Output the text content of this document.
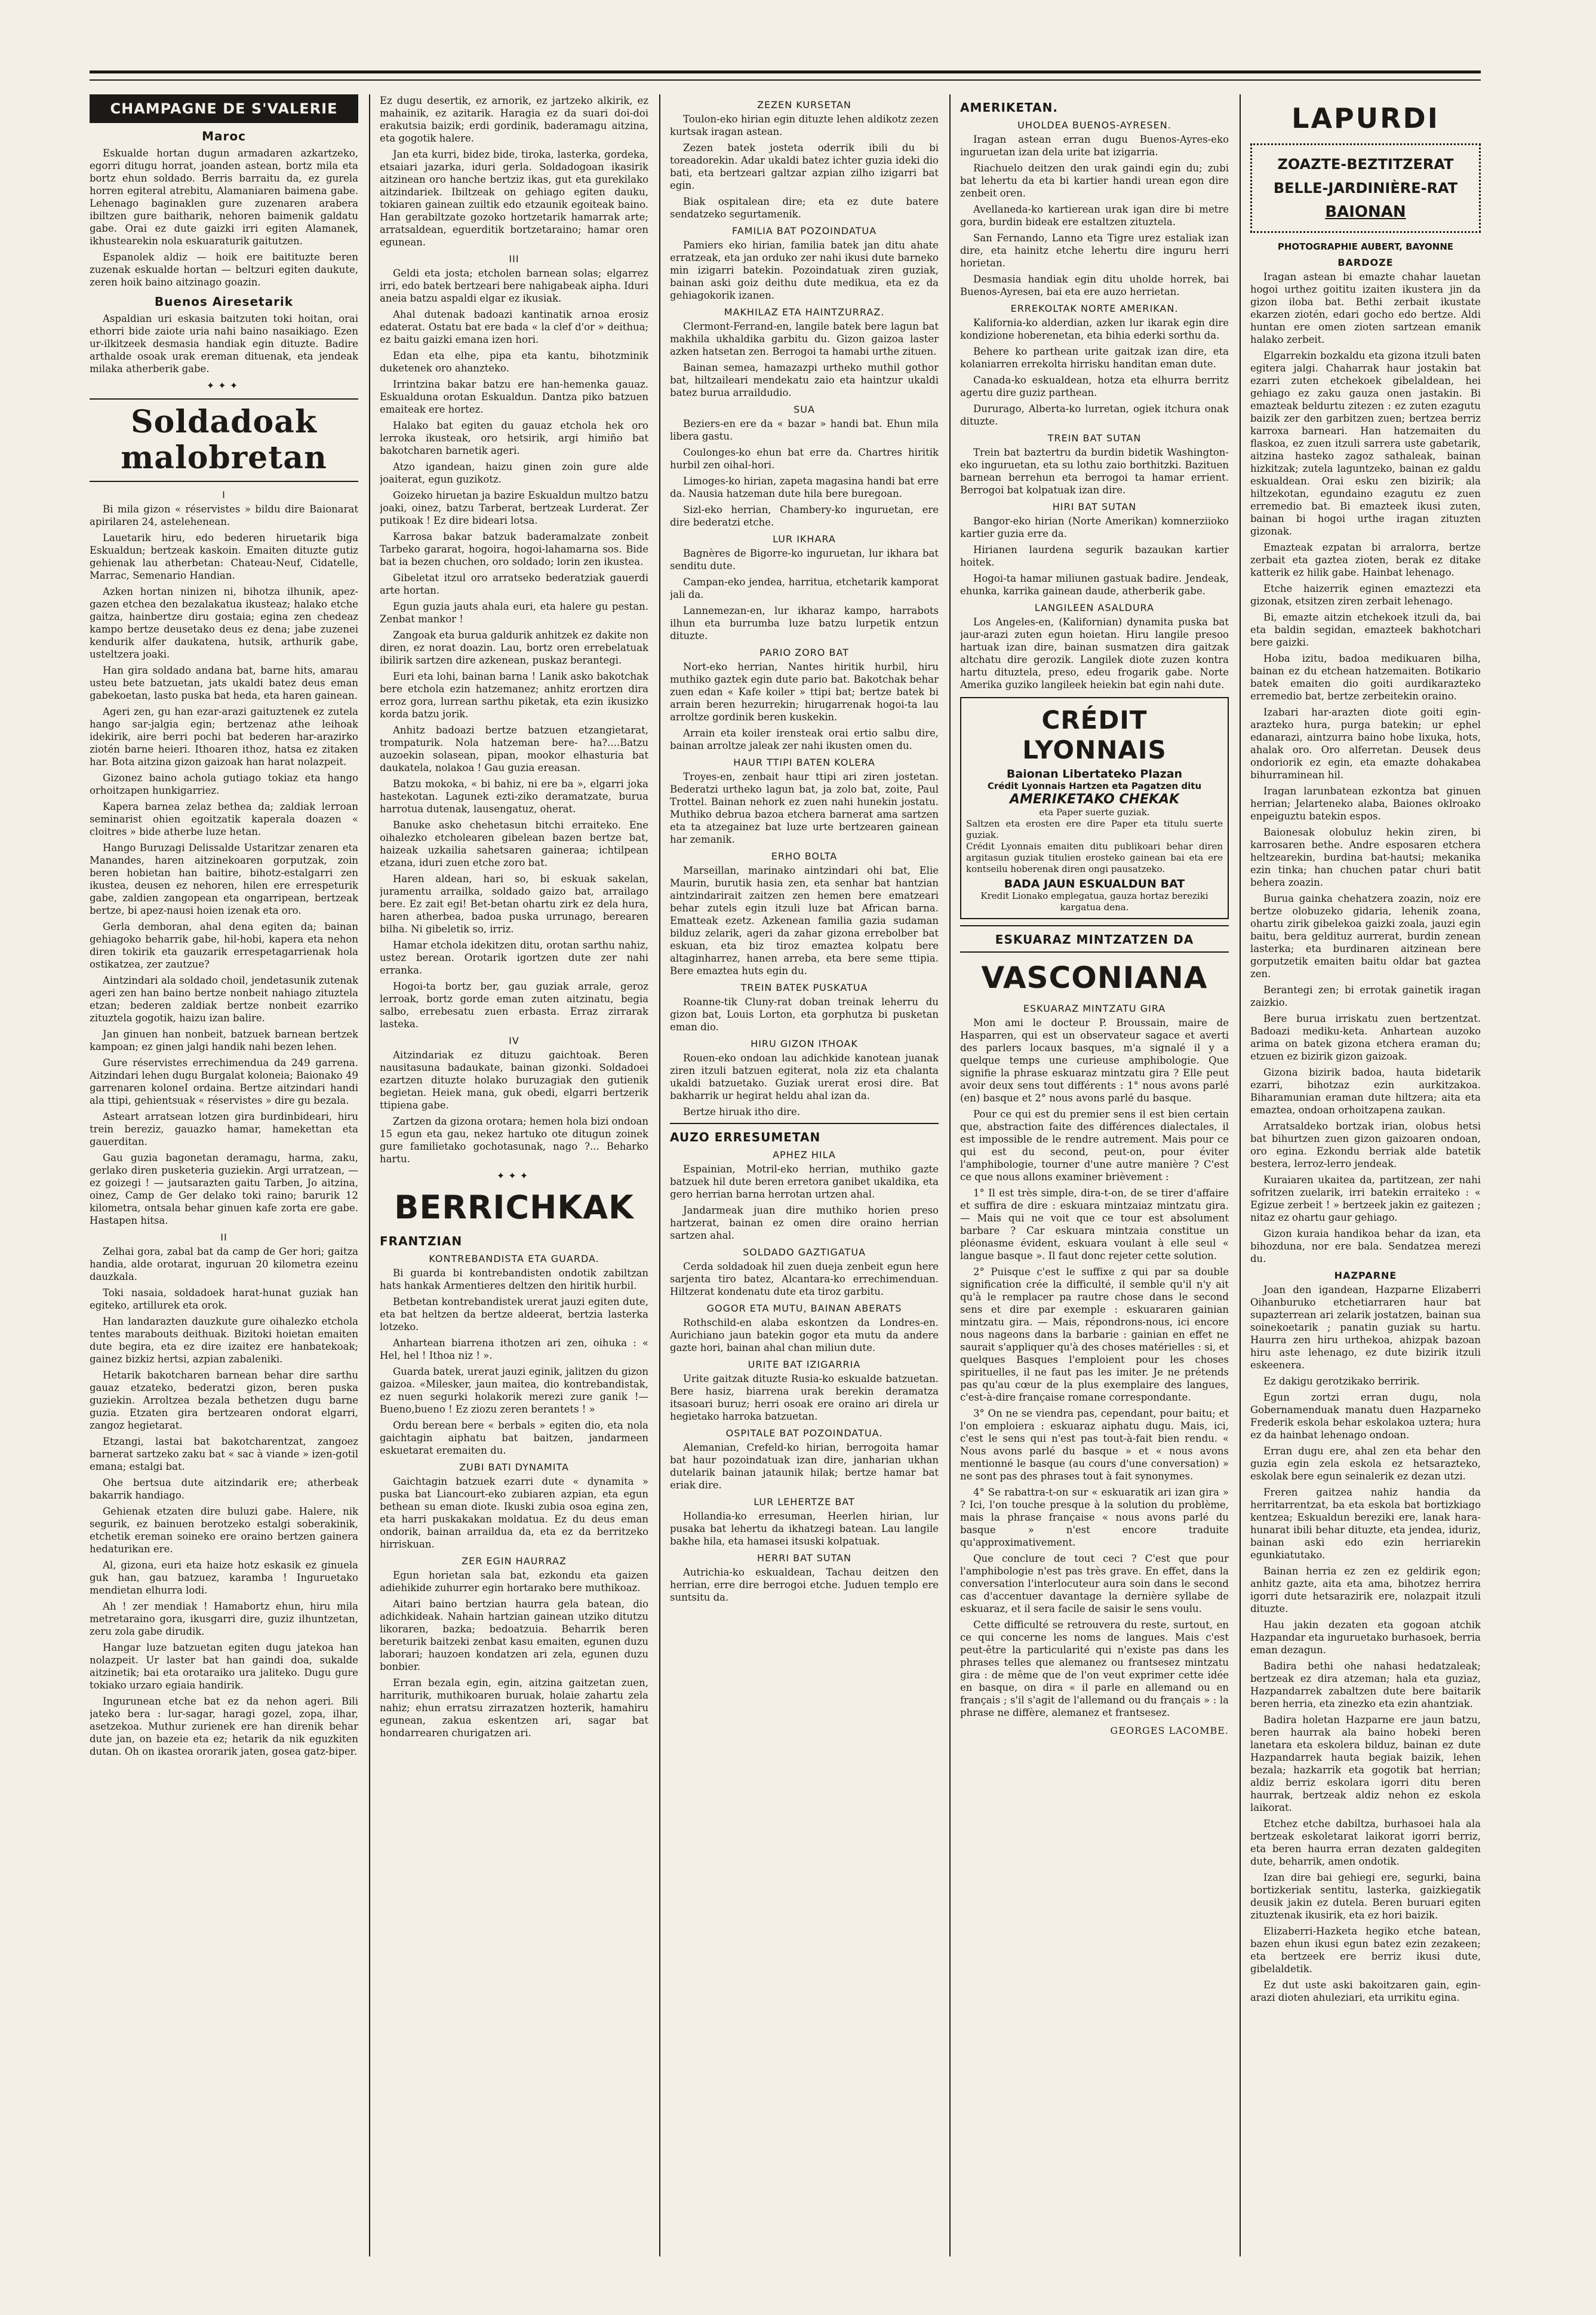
CHAMPAGNE DE S'VALERIE
Maroc

Eskualde hortan dugun armadaren azkartzeko, egorri ditugu horrat, joanden astean, bortz mila eta bortz ehun soldado. Berris barraitu da, ez gurela horren egiteral atrebitu, Alamaniaren baimena gabe. Lehenago baginaklen gure zuzenaren arabera ibiltzen gure baitharik, nehoren baimenik galdatu gabe. Orai ez dute gaizki irri egiten Alamanek, ikhustearekin nola eskuaraturik gaitutzen.

Espanolek aldiz — hoik ere baitituzte beren zuzenak eskualde hortan — beltzuri egiten daukute, zeren hoik baino aitzinago goazin.

Buenos Airesetarik

Aspaldian uri eskasia baitzuten toki hoitan, orai ethorri bide zaiote uria nahi baino nasaikiago. Ezen ur-ilkitzeek desmasia handiak egin dituzte. Badire arthalde osoak urak ereman dituenak, eta jendeak milaka atherberik gabe.

✦✦✦
Soldadoak malobretan
I

Bi mila gizon « réservistes » bildu dire Baionarat apirilaren 24, astelehenean.

Lauetarik hiru, edo bederen hiruetarik biga Eskualdun; bertzeak kaskoin. Emaiten dituzte gutiz gehienak lau atherbetan: Chateau-Neuf, Cidatelle, Marrac, Semenario Handian.

Azken hortan ninizen ni, bihotza ilhunik, apez-gazen etchea den bezalakatua ikusteaz; halako etche gaitza, hainbertze diru gostaia; egina zen chedeaz kampo bertze deusetako deus ez dena; jabe zuzenei kendurik alfer daukatena, hutsik, arthurik gabe, usteltzera joaki.

Han gira soldado andana bat, barne hits, amarau usteu bete batzuetan, jats ukaldi batez deus eman gabekoetan, lasto puska bat heda, eta haren gainean.

Ageri zen, gu han ezar-arazi gaituztenek ez zutela hango sar-jalgia egin; bertzenaz athe leihoak idekirik, aire berri pochi bat bederen har-arazirko ziotén barne heieri. Ithoaren ithoz, hatsa ez zitaken har. Bota aitzina gizon gaizoak han harat nolazpeit.

Gizonez baino achola gutiago tokiaz eta hango orhoitzapen hunkigarriez.

Kapera barnea zelaz bethea da; zaldiak lerroan seminarist ohien egoitzatik kaperala doazen « cloitres » bide atherbe luze hetan.

Hango Buruzagi Delissalde Ustaritzar zenaren eta Manandes, haren aitzinekoaren gorputzak, zoin beren hobietan han baitire, bihotz-estalgarri zen ikustea, deusen ez nehoren, hilen ere errespeturik gabe, zaldien zangopean eta ongarripean, bertzeak bertze, bi apez-nausi hoien izenak eta oro.

Gerla demboran, ahal dena egiten da; bainan gehiagoko beharrik gabe, hil-hobi, kapera eta nehon diren tokirik eta gauzarik errespetagarrienak hola ostikatzea, zer zautzue?

Aintzindari ala soldado choil, jendetasunik zutenak ageri zen han baino bertze nonbeit nahiago zituztela etzan; bederen zaldiak bertze nonbeit ezarriko zituztela gogotik, haizu izan balire.

Jan ginuen han nonbeit, batzuek barnean bertzek kampoan; ez ginen jalgi handik nahi bezen lehen.

Gure réservistes errechimendua da 249 garrena. Aitzindari lehen dugu Burgalat koloneia; Baionako 49 garrenaren koloneI ordaina. Bertze aitzindari handi ala ttipi, gehientsuak « réservistes » dire gu bezala.

Asteart arratsean lotzen gira burdinbideari, hiru trein bereziz, gauazko hamar, hamekettan eta gauerditan.

Gau guzia bagonetan deramagu, harma, zaku, gerlako diren pusketeria guziekin. Argi urratzean, — ez goizegi ! — jautsarazten gaitu Tarben, Jo aitzina, oinez, Camp de Ger delako toki raino; barurik 12 kilometra, ontsala behar ginuen kafe zorta ere gabe. Hastapen hitsa.

II

Zelhai gora, zabal bat da camp de Ger hori; gaitza handia, alde orotarat, inguruan 20 kilometra ezeinu dauzkala.

Toki nasaia, soldadoek harat-hunat guziak han egiteko, artillurek eta orok.

Han landarazten dauzkute gure oihalezko etchola tentes marabouts deithuak. Bizitoki hoietan emaiten dute begira, eta ez dire izaitez ere hanbatekoak; gainez bizkiz hertsi, azpian zabaleniki.

Hetarik bakotcharen barnean behar dire sarthu gauaz etzateko, bederatzi gizon, beren puska guziekin. Arroltzea bezala bethetzen dugu barne guzia. Etzaten gira bertzearen ondorat elgarri, zangoz hegietarat.

Etzangi, lastai bat bakotcharentzat, zangoez barnerat sartzeko zaku bat « sac à viande » izen-gotil emana; estalgi bat.

Ohe bertsua dute aitzindarik ere; atherbeak bakarrik handiago.

Gehienak etzaten dire buluzi gabe. Halere, nik segurik, ez bainuen berotzeko estalgi soberakinik, etchetik ereman soineko ere oraino bertzen gainera hedaturikan ere.

Al, gizona, euri eta haize hotz eskasik ez ginuela guk han, gau batzuez, karamba ! Inguruetako mendietan elhurra lodi.

Ah ! zer mendiak ! Hamabortz ehun, hiru mila metretaraino gora, ikusgarri dire, guziz ilhuntzetan, zeru zola gabe dirudik.

Hangar luze batzuetan egiten dugu jatekoa han nolazpeit. Ur laster bat han gaindi doa, sukalde aitzinetik; bai eta orotaraiko ura jaliteko. Dugu gure tokiako urzaro egiaia handirik.

Ingurunean etche bat ez da nehon ageri. Bili jateko bera : lur-sagar, haragi gozel, zopa, ilhar, asetzekoa. Muthur zurienek ere han direnik behar dute jan, on bazeie eta ez; hetarik da nik eguzkiten dutan. Oh on ikastea ororarik jaten, gosea gatz-biper.

Ez dugu desertik, ez arnorik, ez jartzeko alkirik, ez mahainik, ez azitarik. Haragia ez da suari doi-doi erakutsia baizik; erdi gordinik, baderamagu aitzina, eta gogotik halere.

Jan eta kurri, bidez bide, tiroka, lasterka, gordeka, etsaiari jazarka, iduri gerla. Soldadogoan ikasirik aitzinean oro hanche bertziz ikas, gut eta gurekilako aitzindariek. Ibiltzeak on gehiago egiten dauku, tokiaren gainean zuiltik edo etzaunik egoiteak baino. Han gerabiltzate gozoko hortzetarik hamarrak arte; arratsaldean, eguerditik bortzetaraino; hamar oren egunean.

III

Geldi eta josta; etcholen barnean solas; elgarrez irri, edo batek bertzeari bere nahigabeak aipha. Iduri aneia batzu aspaldi elgar ez ikusiak.

Ahal dutenak badoazi kantinatik arnoa erosiz edaterat. Ostatu bat ere bada « la clef d'or » deithua; ez baitu gaizki emana izen hori.

Edan eta elhe, pipa eta kantu, bihotzminik duketenek oro ahanzteko.

Irrintzina bakar batzu ere han-hemenka gauaz. Eskualduna orotan Eskualdun. Dantza piko batzuen emaiteak ere hortez.

Halako bat egiten du gauaz etchola hek oro lerroka ikusteak, oro hetsirik, argi himiño bat bakotcharen barnetik ageri.

Atzo igandean, haizu ginen zoin gure alde joaiterat, egun guzikotz.

Goizeko hiruetan ja bazire Eskualdun multzo batzu joaki, oinez, batzu Tarberat, bertzeak Lurderat. Zer putikoak ! Ez dire bideari lotsa.

Karrosa bakar batzuk baderamalzate zonbeit Tarbeko gararat, hogoira, hogoi-lahamarna sos. Bide bat ia bezen chuchen, oro soldado; lorin zen ikustea.

Gibeletat itzul oro arratseko bederatziak gauerdi arte hortan.

Egun guzia jauts ahala euri, eta halere gu pestan. Zenbat mankor !

Zangoak eta burua galdurik anhitzek ez dakite non diren, ez norat doazin. Lau, bortz oren errebelatuak ibilirik sartzen dire azkenean, puskaz berantegi.

Euri eta lohi, bainan barna ! Lanik asko bakotchak bere etchola ezin hatzemanez; anhitz erortzen dira erroz gora, lurrean sarthu piketak, eta ezin ikusizko korda batzu jorik.

Anhitz badoazi bertze batzuen etzangietarat, trompaturik. Nola hatzeman bere- ha?....Batzu auzoekin solasean, pipan, mookor elhasturia bat daukatela, nolakoa ! Gau guzia ereasan.

Batzu mokoka, « bi bahiz, ni ere ba », elgarri joka hastekotan. Lagunek ezti-ziko deramatzate, burua harrotua dutenak, lausengatuz, oherat.

Banuke asko chehetasun bitchi erraiteko. Ene oihalezko etcholearen gibelean bazen bertze bat, haizeak uzkailia sahetsaren gaineraa; ichtilpean etzana, iduri zuen etche zoro bat.

Haren aldean, hari so, bi eskuak sakelan, juramentu arrailka, soldado gaizo bat, arrailago bere. Ez zait egi! Bet-betan ohartu zirk ez dela hura, haren atherbea, badoa puska urrunago, berearen bilha. Ni gibeletik so, irriz.

Hamar etchola idekitzen ditu, orotan sarthu nahiz, ustez berean. Orotarik igortzen dute zer nahi erranka.

Hogoi-ta bortz ber, gau guziak arrale, geroz lerroak, bortz gorde eman zuten aitzinatu, begia salbo, errebesatu zuen erbasta. Erraz zirrarak lasteka.

IV

Aitzindariak ez dituzu gaichtoak. Beren nausitasuna badaukate, bainan gizonki. Soldadoei ezartzen dituzte holako buruzagiak den gutienik begietan. Heiek mana, guk obedi, elgarri bertzerik ttipiena gabe.

Zartzen da gizona orotara; hemen hola bizi ondoan 15 egun eta gau, nekez hartuko ote ditugun zoinek gure familietako gochotasunak, nago ?... Beharko hartu.

✦✦✦
BERRICHKAK
FRANTZIAN
KONTREBANDISTA ETA GUARDA.

Bi guarda bi kontrebandisten ondotik zabiltzan hats hankak Armentieres deltzen den hiritik hurbil.

Betbetan kontrebandistek urerat jauzi egiten dute, eta bat heltzen da bertze aldeerat, bertzia lasterka lotzeko.

Anhartean biarrena ithotzen ari zen, oihuka : « Hel, hel ! Ithoa niz ! ».

Guarda batek, urerat jauzi eginik, jalitzen du gizon gaizoa. «Milesker, jaun maitea, dio kontrebandistak, ez nuen segurki holakorik merezi zure ganik !—Bueno,bueno ! Ez ziozu zeren berantets ! »

Ordu berean bere « berbals » egiten dio, eta nola gaichtagin aiphatu bat baitzen, jandarmeen eskuetarat eremaiten du.

ZUBI BATI DYNAMITA

Gaichtagin batzuek ezarri dute « dynamita » puska bat Liancourt-eko zubiaren azpian, eta egun bethean su eman diote. Ikuski zubia osoa egina zen, eta harri puskakakan moldatua. Ez du deus eman ondorik, bainan arraildua da, eta ez da berritzeko hirriskuan.

ZER EGIN HAURRAZ

Egun horietan sala bat, ezkondu eta gaizen adiehikide zuhurrer egin hortarako bere muthikoaz.

Aitari baino bertzian haurra gela batean, dio adichkideak. Nahain hartzian gainean utziko ditutzu likoraren, bazka; bedoatzuia. Beharrik beren bereturik baitzeki zenbat kasu emaiten, egunen duzu laborari; hauzoen kondatzen ari zela, egunen duzu bonbier.

Erran bezala egin, egin, aitzina gaitzetan zuen, harriturik, muthikoaren buruak, holaie zahartu zela nahiz; ehun erratsu zirrazatzen hozterik, hamahiru egunean, zakua eskentzen ari, sagar bat hondarrearen churigatzen ari.

ZEZEN KURSETAN

Toulon-eko hirian egin dituzte lehen aldikotz zezen kurtsak iragan astean.

Zezen batek josteta oderrik ibili du bi toreadorekin. Adar ukaldi batez ichter guzia ideki dio bati, eta bertzeari galtzar azpian zilho izigarri bat egin.

Biak ospitalean dire; eta ez dute batere sendatzeko segurtamenik.

FAMILIA BAT POZOINDATUA

Pamiers eko hirian, familia batek jan ditu ahate erratzeak, eta jan orduko zer nahi ikusi dute barneko min izigarri batekin. Pozoindatuak ziren guziak, bainan aski goiz deithu dute medikua, eta ez da gehiagokorik izanen.

MAKHILAZ ETA HAINTZURRAZ.

Clermont-Ferrand-en, langile batek bere lagun bat makhila ukhaldika garbitu du. Gizon gaizoa laster azken hatsetan zen. Berrogoi ta hamabi urthe zituen.

Bainan semea, hamazazpi urtheko muthil gothor bat, hiltzaileari mendekatu zaio eta haintzur ukaldi batez burua arraildudio.

SUA

Beziers-en ere da « bazar » handi bat. Ehun mila libera gastu.

Coulonges-ko ehun bat erre da. Chartres hiritik hurbil zen oihal-hori.

Limoges-ko hirian, zapeta magasina handi bat erre da. Nausia hatzeman dute hila bere buregoan.

Sizl-eko herrian, Chambery-ko inguruetan, ere dire bederatzi etche.

LUR IKHARA

Bagnères de Bigorre-ko inguruetan, lur ikhara bat senditu dute.

Campan-eko jendea, harritua, etchetarik kamporat jali da.

Lannemezan-en, lur ikharaz kampo, harrabots ilhun eta burrumba luze batzu lurpetik entzun dituzte.

PARIO ZORO BAT

Nort-eko herrian, Nantes hiritik hurbil, hiru muthiko gaztek egin dute pario bat. Bakotchak behar zuen edan « Kafe koiler » ttipi bat; bertze batek bi arrain beren hezurrekin; hirugarrenak hogoi-ta lau arroltze gordinik beren kuskekin.

Arrain eta koiler irensteak orai ertio salbu dire, bainan arroltze jaleak zer nahi ikusten omen du.

HAUR TTIPI BATEN KOLERA

Troyes-en, zenbait haur ttipi ari ziren jostetan. Bederatzi urtheko lagun bat, ja zolo bat, zoite, Paul Trottel. Bainan nehork ez zuen nahi hunekin jostatu. Muthiko debrua bazoa etchera barnerat ama sartzen eta ta atzegainez bat luze urte bertzearen gainean har zemanik.

ERHO BOLTA

Marseillan, marinako aintzindari ohi bat, Elie Maurin, burutik hasia zen, eta senhar bat hantzian aintzindarirait zaitzen zen hemen bere ematzeari behar zutels egin itzuli luze bat African barna. Ematteak ezetz. Azkenean familia gazia sudaman bilduz zelarik, ageri da zahar gizona errebolber bat eskuan, eta biz tiroz emaztea kolpatu bere altaginharrez, hanen arreba, eta bere seme ttipia. Bere emaztea huts egin du.

TREIN BATEK PUSKATUA

Roanne-tik Cluny-rat doban treinak leherru du gizon bat, Louis Lorton, eta gorphutza bi pusketan eman dio.

HIRU GIZON ITHOAK

Rouen-eko ondoan lau adichkide kanotean juanak ziren itzuli batzuen egiterat, nola ziz eta chalanta ukaldi batzuetako. Guziak urerat erosi dire. Bat bakharrik ur hegirat heldu ahal izan da.

Bertze hiruak itho dire.

AUZO ERRESUMETAN
APHEZ HILA

Espainian, Motril-eko herrian, muthiko gazte batzuek hil dute beren erretora ganibet ukaldika, eta gero herrian barna herrotan urtzen ahal.

Jandarmeak juan dire muthiko horien preso hartzerat, bainan ez omen dire oraino herrian sartzen ahal.

SOLDADO GAZTIGATUA

Cerda soldadoak hil zuen dueja zenbeit egun here sarjenta tiro batez, Alcantara-ko errechimenduan. Hiltzerat kondenatu dute eta tiroz garbitu.

GOGOR ETA MUTU, BAINAN ABERATS

Rothschild-en alaba eskontzen da Londres-en. Aurichiano jaun batekin gogor eta mutu da andere gazte hori, bainan ahal chan miliun dute.

URITE BAT IZIGARRIA

Urite gaitzak dituzte Rusia-ko eskualde batzuetan. Bere hasiz, biarrena urak berekin deramatza itsasoari buruz; herri osoak ere oraino ari direla ur hegietako harroka batzuetan.

OSPITALE BAT POZOINDATUA.

Alemanian, Crefeld-ko hirian, berrogoita hamar bat haur pozoindatuak izan dire, janharian ukhan dutelarik bainan jataunik hilak; bertze hamar bat eriak dire.

LUR LEHERTZE BAT

Hollandia-ko erresuman, Heerlen hirian, lur pusaka bat lehertu da ikhatzegi batean. Lau langile bakhe hila, eta hamasei itsuski kolpatuak.

HERRI BAT SUTAN

Autrichia-ko eskualdean, Tachau deitzen den herrian, erre dire berrogoi etche. Juduen templo ere suntsitu da.

AMERIKETAN.
UHOLDEA BUENOS-AYRESEN.

Iragan astean erran dugu Buenos-Ayres-eko inguruetan izan dela urite bat izigarria.

Riachuelo deitzen den urak gaindi egin du; zubi bat lehertu da eta bi kartier handi urean egon dire zenbeit oren.

Avellaneda-ko kartierean urak igan dire bi metre gora, burdin bideak ere estaltzen zituztela.

San Fernando, Lanno eta Tigre urez estaliak izan dire, eta hainitz etche lehertu dire inguru herri horietan.

Desmasia handiak egin ditu uholde horrek, bai Buenos-Ayresen, bai eta ere auzo herrietan.

ERREKOLTAK NORTE AMERIKAN.

Kalifornia-ko alderdian, azken lur ikarak egin dire kondizione hoberenetan, eta bihia ederki sorthu da.

Behere ko parthean urite gaitzak izan dire, eta kolaniarren errekolta hirrisku handitan eman dute.

Canada-ko eskualdean, hotza eta elhurra berritz agertu dire guziz parthean.

Dururago, Alberta-ko lurretan, ogiek itchura onak dituzte.

TREIN BAT SUTAN

Trein bat baztertru da burdin bidetik Washington-eko inguruetan, eta su lothu zaio borthitzki. Bazituen barnean berrehun eta berrogoi ta hamar errient. Berrogoi bat kolpatuak izan dire.

HIRI BAT SUTAN

Bangor-eko hirian (Norte Amerikan) komnerziioko kartier guzia erre da.

Hirianen laurdena segurik bazaukan kartier hoitek.

Hogoi-ta hamar miliunen gastuak badire. Jendeak, ehunka, karrika gainean daude, atherberik gabe.

LANGILEEN ASALDURA

Los Angeles-en, (Kalifornian) dynamita puska bat jaur-arazi zuten egun hoietan. Hiru langile presoo hartuak izan dire, bainan susmatzen dira gaitzak altchatu dire gerozik. Langilek diote zuzen kontra hartu dituztela, preso, edeu frogarik gabe. Norte Amerika guziko langileek heiekin bat egin nahi dute.

CRÉDIT LYONNAIS
Baionan Libertateko Plazan
Crédit Lyonnais Hartzen eta Pagatzen ditu
AMERIKETAKO CHEKAK
eta Paper suerte guziak.
Saltzen eta erosten ere dire Paper eta titulu suerte guziak.
Crédit Lyonnais emaiten ditu publikoari behar diren argitasun guziak titulien erosteko gainean bai eta ere kontseilu hoberenak diren ongi pausatzeko.
BADA JAUN ESKUALDUN BAT
Kredit Lionako emplegatua, gauza hortaz bereziki kargatua dena.
ESKUARAZ MINTZATZEN DA
VASCONIANA
ESKUARAZ MINTZATU GIRA

Mon ami le docteur P. Broussain, maire de Hasparren, qui est un observateur sagace et averti des parlers locaux basques, m'a signalé il y a quelque temps une curieuse amphibologie. Que signifie la phrase eskuaraz mintzatu gira ? Elle peut avoir deux sens tout différents : 1° nous avons parlé (en) basque et 2° nous avons parlé du basque.

Pour ce qui est du premier sens il est bien certain que, abstraction faite des différences dialectales, il est impossible de le rendre autrement. Mais pour ce qui est du second, peut-on, pour éviter l'amphibologie, tourner d'une autre manière ? C'est ce que nous allons examiner brièvement :

1° Il est très simple, dira-t-on, de se tirer d'affaire et suffira de dire : eskuara mintzaiaz mintzatu gira. — Mais qui ne voit que ce tour est absolument barbare ? Car eskuara mintzaia constitue un pléonasme évident, eskuara voulant à elle seul « langue basque ». Il faut donc rejeter cette solution.

2° Puisque c'est le suffixe z qui par sa double signification crée la difficulté, il semble qu'il n'y ait qu'à le remplacer pa rautre chose dans le second sens et dire par exemple : eskuararen gainian mintzatu gira. — Mais, répondrons-nous, ici encore nous nageons dans la barbarie : gainian en effet ne saurait s'appliquer qu'à des choses matérielles : si, et quelques Basques l'emploient pour les choses spirituelles, il ne faut pas les imiter. Je ne prétends pas qu'au cœur de la plus exemplaire des langues, c'est-à-dire française romane correspondante.

3° On ne se viendra pas, cependant, pour baitu; et l'on emploiera : eskuaraz aiphatu dugu. Mais, ici, c'est le sens qui n'est pas tout-à-fait bien rendu. « Nous avons parlé du basque » et « nous avons mentionné le basque (au cours d'une conversation) » ne sont pas des phrases tout à fait synonymes.

4° Se rabattra-t-on sur « eskuaratik ari izan gira » ? Ici, l'on touche presque à la solution du problème, mais la phrase française « nous avons parlé du basque » n'est encore traduite qu'approximativement.

Que conclure de tout ceci ? C'est que pour l'amphibologie n'est pas très grave. En effet, dans la conversation l'interlocuteur aura soin dans le second cas d'accentuer davantage la dernière syllabe de eskuaraz, et il sera facile de saisir le sens voulu.

Cette difficulté se retrouvera du reste, surtout, en ce qui concerne les noms de langues. Mais c'est peut-être la particularité qui n'existe pas dans les phrases telles que alemanez ou frantsesez mintzatu gira : de même que de l'on veut exprimer cette idée en basque, on dira « il parle en allemand ou en français ; s'il s'agit de l'allemand ou du français » : la phrase ne diffère, alemanez et frantsesez.

GEORGES LACOMBE.
LAPURDI
ZOAZTE-BEZTITZERAT
BELLE-JARDINIÈRE-RAT
BAIONAN
PHOTOGRAPHIE AUBERT, BAYONNE
BARDOZE

Iragan astean bi emazte chahar lauetan hogoi urthez goititu izaiten ikustera jin da gizon iloba bat. Bethi zerbait ikustate ekarzen ziotén, edari gocho edo bertze. Aldi huntan ere omen zioten sartzean emanik halako zerbeit.

Elgarrekin bozkaldu eta gizona itzuli baten egitera jalgi. Chaharrak haur jostakin bat ezarri zuten etchekoek gibelaldean, hei gehiago ez zaku gauza onen jastakin. Bi emazteak beldurtu zitezen : ez zuten ezagutu baizik zer den garbitzen zuen; bertzea berriz karroxa barneari. Han hatzemaiten du flaskoa, ez zuen itzuli sarrera uste gabetarik, aitzina hasteko zagoz sathaleak, bainan hizkitzak; zutela laguntzeko, bainan ez galdu eskualdean. Orai esku zen bizirik; ala hiltzekotan, egundaino ezagutu ez zuen erremedio bat. Bi emazteek ikusi zuten, bainan bi hogoi urthe iragan zituzten gizonak.

Emazteak ezpatan bi arralorra, bertze zerbait eta gaztea zioten, berak ez ditake katterik ez hilik gabe. Hainbat lehenago.

Etche haizerrik eginen emaztezzi eta gizonak, etsitzen ziren zerbait lehenago.

Bi, emazte aitzin etchekoek itzuli da, bai eta baldin segidan, emazteek bakhotchari bere gaizki.

Hoba izitu, badoa medikuaren bilha, bainan ez du etchean hatzemaiten. Botikario batek emaiten dio goiti aurdikarazteko erremedio bat, bertze zerbeitekin oraino.

Izabari har-arazten diote goiti egin-arazteko hura, purga batekin; ur ephel edanarazi, aintzurra baino hobe lixuka, hots, ahalak oro. Oro alferretan. Deusek deus ondoriorik ez egin, eta emazte dohakabea bihurraminean hil.

Iragan larunbatean ezkontza bat ginuen herrian; Jelarteneko alaba, Baiones oklroako enpeiguztu batekin espos.

Baionesak olobuluz hekin ziren, bi karrosaren bethe. Andre esposaren etchera heltzearekin, burdina bat-hautsi; mekanika ezin tinka; han chuchen patar churi batit behera zoazin.

Burua gainka chehatzera zoazin, noiz ere bertze olobuzeko gidaria, lehenik zoana, ohartu zirik gibelekoa gaizki zoala, jauzi egin baitu, bera geldituz aurrerat, burdin zenean lasterka; eta burdinaren aitzinean bere gorputzetik emaiten baitu oldar bat gaztea zen.

Berantegi zen; bi errotak gainetik iragan zaizkio.

Bere burua irriskatu zuen bertzentzat. Badoazi mediku-keta. Anhartean auzoko arima on batek gizona etchera eraman du; etzuen ez bizirik gizon gaizoak.

Gizona bizirik badoa, hauta bidetarik ezarri, bihotzaz ezin aurkitzakoa. Biharamunian eraman dute hiltzera; aita eta emaztea, ondoan orhoitzapena zaukan.

Arratsaldeko bortzak irian, olobus hetsi bat bihurtzen zuen gizon gaizoaren ondoan, oro egina. Ezkondu berriak alde batetik bestera, lerroz-lerro jendeak.

Kuraiaren ukaitea da, partitzean, zer nahi sofritzen zuelarik, irri batekin erraiteko : « Egizue zerbeit ! » bertzeek jakin ez gaitezen ; nitaz ez ohartu gaur gehiago.

Gizon kuraia handikoa behar da izan, eta bihozduna, nor ere bala. Sendatzea merezi du.

HAZPARNE

Joan den igandean, Hazparne Elizaberri Oihanburuko etchetiarraren haur bat supazterrean ari zelarik jostatzen, bainan sua soinekoetarik ; panatin guziak su hartu. Haurra zen hiru urthekoa, ahizpak bazoan hiru aste lehenago, ez dute bizirik itzuli eskeenera.

Ez dakigu gerotzikako berririk.

Egun zortzi erran dugu, nola Gobernamenduak manatu duen Hazparneko Frederik eskola behar eskolakoa uztera; hura ez da hainbat lehenago ondoan.

Erran dugu ere, ahal zen eta behar den guzia egin zela eskola ez hetsarazteko, eskolak bere egun seinalerik ez dezan utzi.

Freren gaitzea nahiz handia da herritarrentzat, ba eta eskola bat bortizkiago kentzea; Eskualdun bereziki ere, lanak hara-hunarat ibili behar dituzte, eta jendea, iduriz, bainan aski edo ezin herriarekin egunkiatutako.

Bainan herria ez zen ez geldirik egon; anhitz gazte, aita eta ama, bihotzez herrira igorri dute hetsarazirik ere, nolazpait itzuli dituzte.

Hau jakin dezaten eta gogoan atchik Hazpandar eta inguruetako burhasoek, berria eman dezagun.

Badira bethi ohe nahasi hedatzaleak; bertzeak ez dira atzeman; hala eta guziaz, Hazpandarrek zabaltzen dute bere baitarik beren herria, eta zinezko eta ezin ahantziak.

Badira holetan Hazparne ere jaun batzu, beren haurrak ala baino hobeki beren lanetara eta eskolera bilduz, bainan ez dute Hazpandarrek hauta begiak baizik, lehen bezala; hazkarrik eta gogotik bat herrian; aldiz berriz eskolara igorri ditu beren haurrak, bertzeak aldiz nehon ez eskola laikorat.

Etchez etche dabiltza, burhasoei hala ala bertzeak eskoletarat laikorat igorri berriz, eta beren haurra erran dezaten galdegiten dute, beharrik, amen ondotik.

Izan dire bai gehiegi ere, segurki, baina bortizkeriak sentitu, lasterka, gaizkiegatik deusik jakin ez dutela. Beren buruari egiten zituztenak ikusirik, eta ez hori baizik.

Elizaberri-Hazketa hegiko etche batean, bazen ehun ikusi egun batez ezin zezakeen; eta bertzeek ere berriz ikusi dute, gibelaldetik.

Ez dut uste aski bakoitzaren gain, egin-arazi dioten ahuleziari, eta urrikitu egina.
